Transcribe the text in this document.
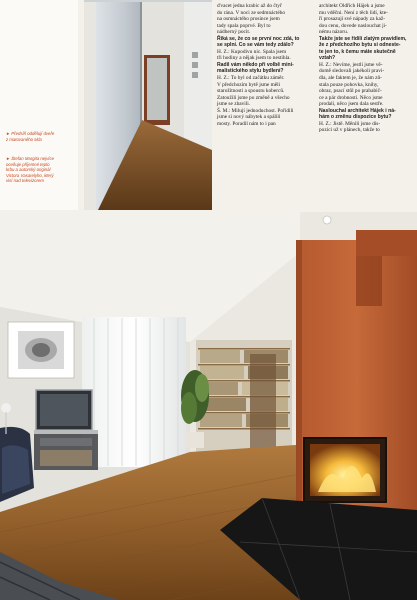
►Předsíň oddělují dveře
z matovaného skla
►Štefan Margita nejvíce
oceňuje příjemné teplo
krbu a autorský originál
Victora Vasarelyho, který
visí nad televizorem

ďvacet jedna krabic až do čtyř
do rána. V noci ze sedmnáctého
na osmnáctého prosince jsem
tady spala poprvé. Byl to
nádherný pocit.

Říká se, že co se první noc zdá, to
se splní. Co se vám tedy zdálo?

H. Z.: Kupodivu nic. Spala jsem
tři hodiny a nějak jsem to nestihla.

Radil vám někdo při volbě mini-
malistického stylu bydlení?

H. Z.: To byl od začátku záměr.
V předchozím bytě jsme měli
starožitnosti a spoustu koberců.
Zatoužili jsme po změně a všecho
jsme se zbavili.

Š. M.: Milují jednoduchost. Pořídili
jsme si nový nábytek a spálili
mosty. Poradil nám to i pan

architekt Oldřich Hájek a jsme
mu vděčni. Není z těch lidí, kte-
ří prosazují své nápady za kaž-
dou cenu, dovede naslouchat ji-
nému názoru.

Takže jste se řídili zlatým pravidlem,
že z předchozího bytu si odneste-
te jen to, k čemu máte skutečně
vztah?

H. Z.: Nevíme, jestli jsme vě-
domě sledovali jakékoli pravi-
dla, ale faktem je, že nám zů-
stala pouze pohovka, knihy,
obraz, psací stůl po prababič-
ce a pár drobností. Něco jsme
prodali, něco jsem dala sestře.

Naslouchal architekt Hájek i ná-
hám o změnu dispozice bytu?

H. Z.: Jistě. Měnili jsme dis-
pozici už v plánech, takže to
